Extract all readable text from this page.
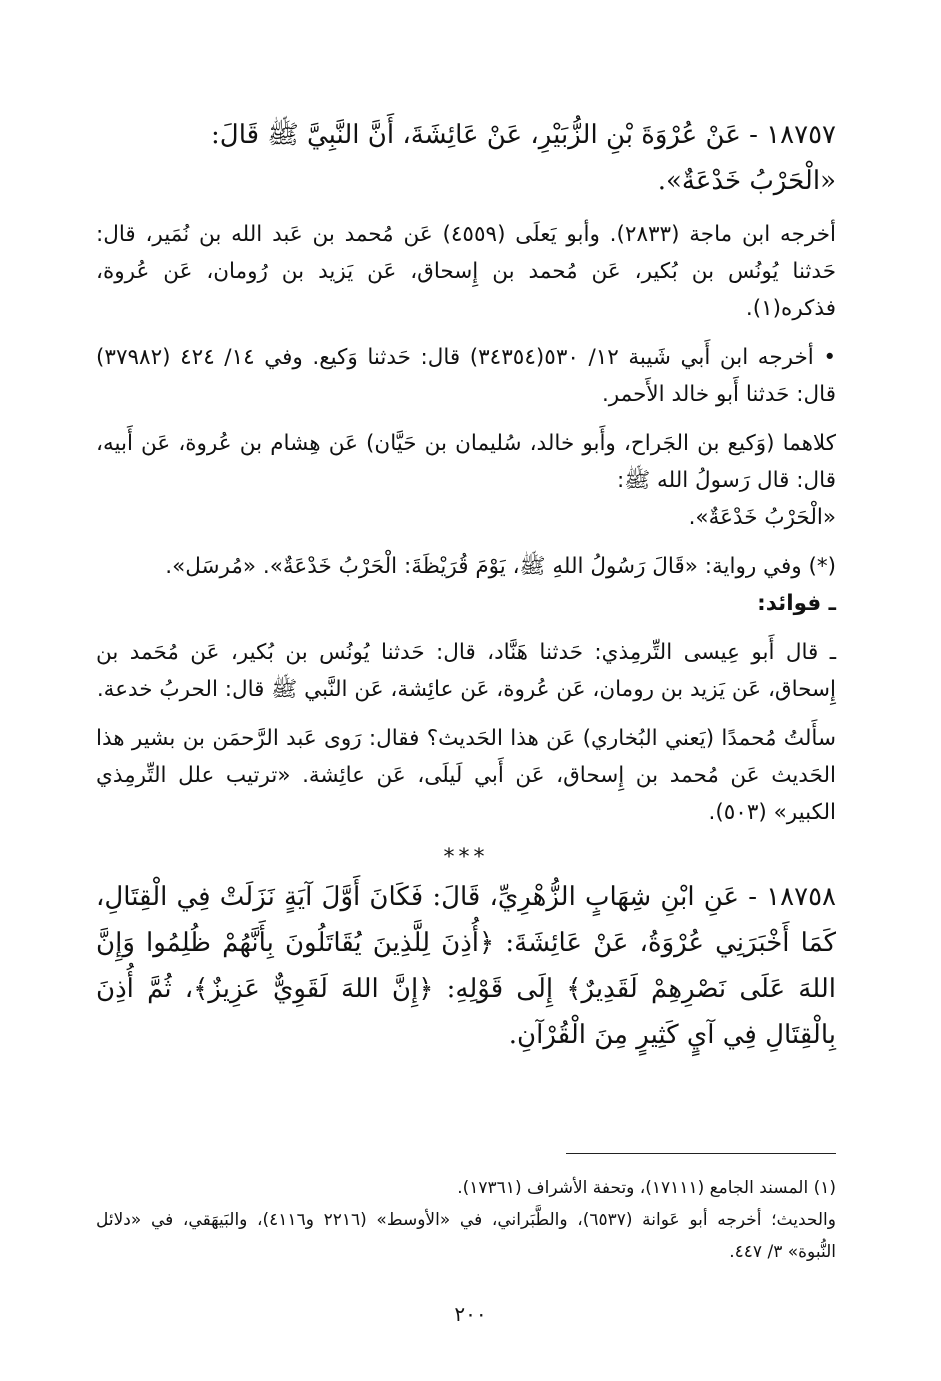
١٨٧٥٧ - عَنْ عُرْوَةَ بْنِ الزُّبَيْرِ، عَنْ عَائِشَةَ، أَنَّ النَّبِيَّ ﷺ قَالَ:

«الْحَرْبُ خَدْعَةٌ».

أخرجه ابن ماجة (٢٨٣٣). وأبو يَعلَى (٤٥٥٩) عَن مُحمد بن عَبد الله بن نُمَير، قال: حَدثنا يُونُس بن بُكير، عَن مُحمد بن إِسحاق، عَن يَزيد بن رُومان، عَن عُروة، فذكره(١).

• أخرجه ابن أَبي شَيبة ١٢/ ٥٣٠(٣٤٣٥٤) قال: حَدثنا وَكيع. وفي ١٤/ ٤٢٤ (٣٧٩٨٢) قال: حَدثنا أَبو خالد الأَحمر.

كلاهما (وَكيع بن الجَراح، وأَبو خالد، سُليمان بن حَيَّان) عَن هِشام بن عُروة، عَن أَبيه، قال: قال رَسولُ الله ﷺ:

«الْحَرْبُ خَدْعَةٌ».

(*) وفي رواية: «قَالَ رَسُولُ اللهِ ﷺ، يَوْمَ قُرَيْظَةَ: الْحَرْبُ خَدْعَةٌ». «مُرسَل».

ـ فوائد:

ـ قال أَبو عِيسى التِّرمِذي: حَدثنا هَنَّاد، قال: حَدثنا يُونُس بن بُكير، عَن مُحَمد بن إِسحاق، عَن يَزيد بن رومان، عَن عُروة، عَن عائِشة، عَن النَّبي ﷺ قال: الحربُ خدعة.

سأَلتُ مُحمدًا (يَعني البُخاري) عَن هذا الحَديث؟ فقال: رَوى عَبد الرَّحمَن بن بشير هذا الحَديث عَن مُحمد بن إِسحاق، عَن أَبي لَيلَى، عَن عائِشة. «ترتيب علل التِّرمِذي الكبير» (٥٠٣).

***

١٨٧٥٨ - عَنِ ابْنِ شِهَابٍ الزُّهْرِيِّ، قَالَ: فَكَانَ أَوَّلَ آيَةٍ نَزَلَتْ فِي الْقِتَالِ، كَمَا أَخْبَرَنِي عُرْوَةُ، عَنْ عَائِشَةَ: ﴿أُذِنَ لِلَّذِينَ يُقَاتَلُونَ بِأَنَّهُمْ ظُلِمُوا وَإِنَّ اللهَ عَلَى نَصْرِهِمْ لَقَدِيرٌ﴾ إِلَى قَوْلِهِ: ﴿إِنَّ اللهَ لَقَوِيٌّ عَزِيزٌ﴾، ثُمَّ أُذِنَ بِالْقِتَالِ فِي آيٍ كَثِيرٍ مِنَ الْقُرْآنِ.

(١) المسند الجامع (١٧١١١)، وتحفة الأشراف (١٧٣٦١).

والحديث؛ أخرجه أبو عَوانة (٦٥٣٧)، والطَّبَراني، في «الأوسط» (٢٢١٦ و٤١١٦)، والبَيهَقي، في «دلائل النُّبوة» ٣/ ٤٤٧.

٢٠٠
